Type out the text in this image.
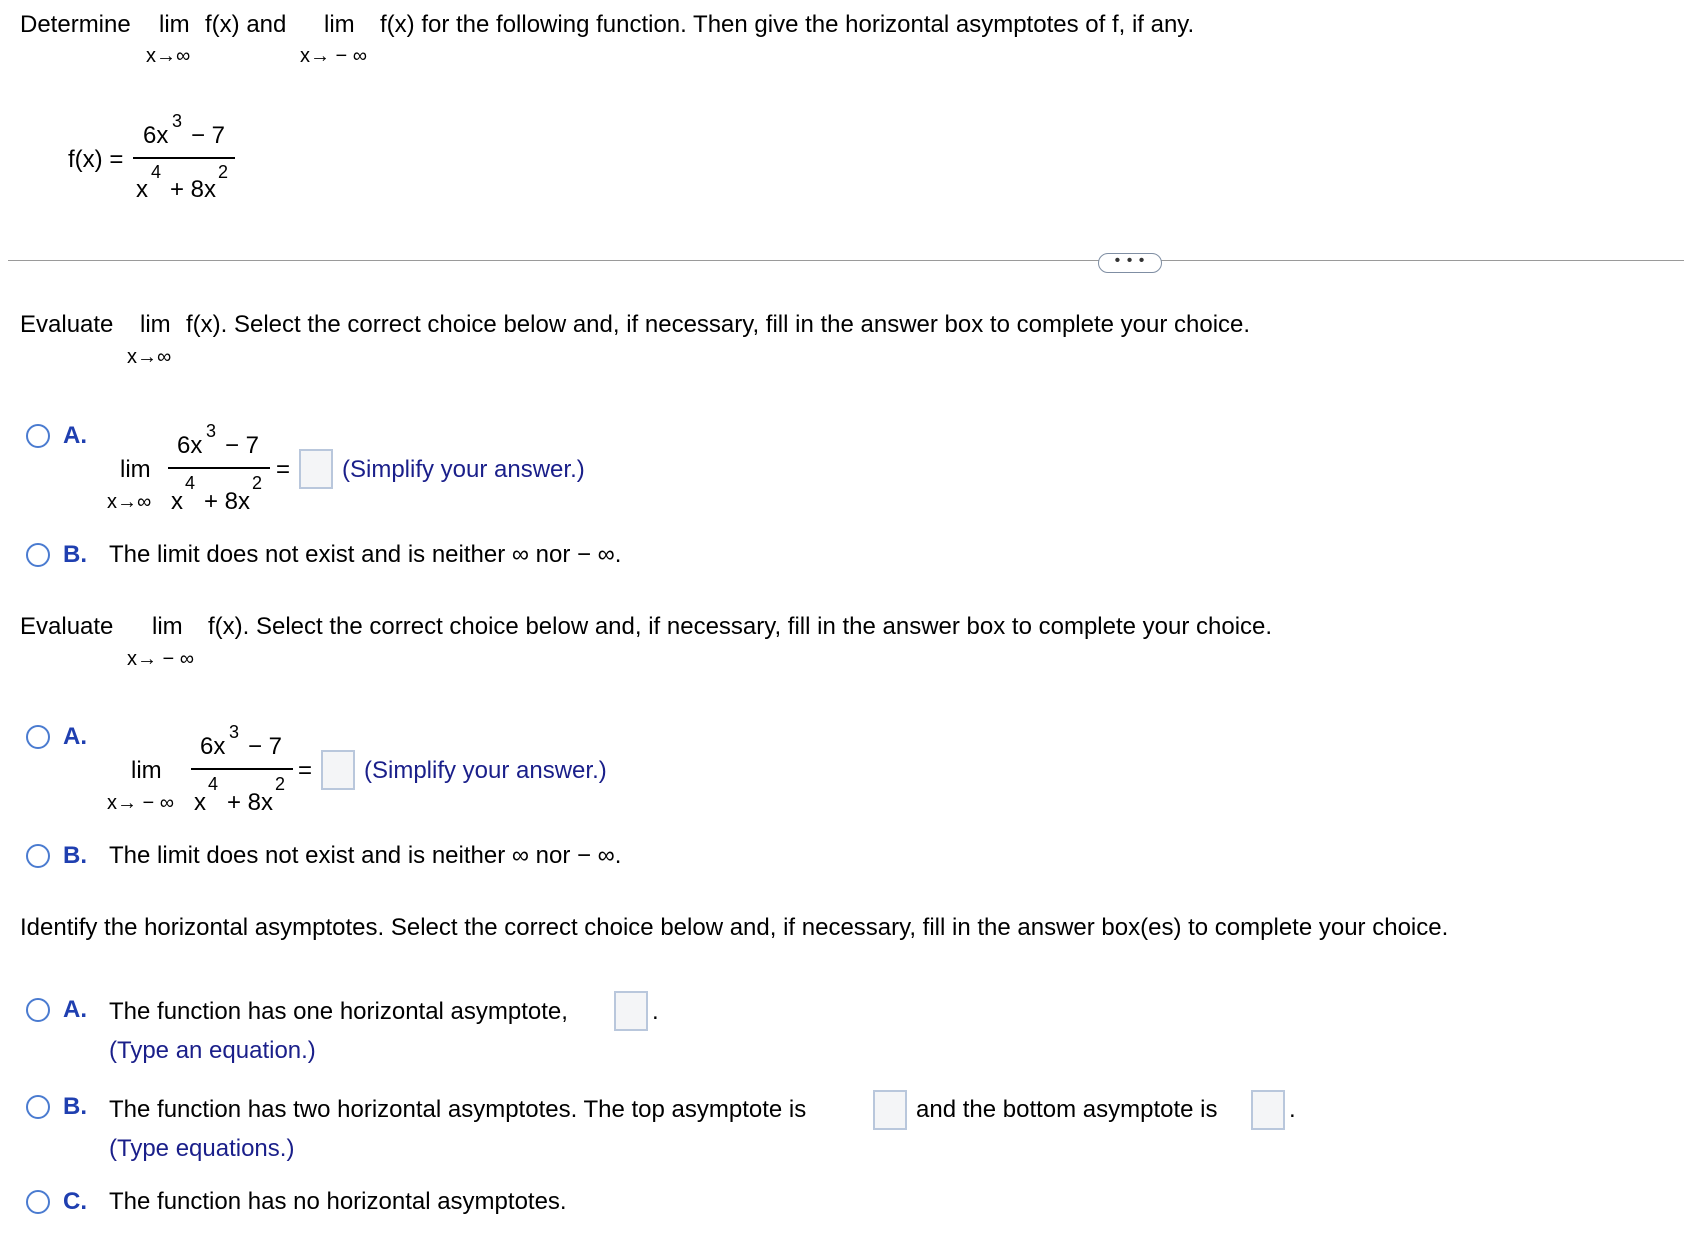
Determine lim f(x) and
x→∞
lim f(x) for the following function. Then give the horizontal asymptotes of f, if any.
x→ − ∞
f(x) =
6x
3
− 7
x
4
+ 8x
2
• • •
Evaluate lim f(x). Select the correct choice below and, if necessary, fill in the answer box to complete your choice.
x→∞
A.
lim
x→∞
6x
3
− 7
x
4
+ 8x
2 = (Simplify your answer.)
B. The limit does not exist and is neither ∞ nor − ∞.
Evaluate lim f(x). Select the correct choice below and, if necessary, fill in the answer box to complete your choice.
x→ − ∞
A.
lim
x→ − ∞
6x
3
− 7
x
4
+ 8x
2 = (Simplify your answer.)
B. The limit does not exist and is neither ∞ nor − ∞.
Identify the horizontal asymptotes. Select the correct choice below and, if necessary, fill in the answer box(es) to complete your choice.
A. The function has one horizontal asymptote,	.
(Type an equation.)
B. The function has two horizontal asymptotes. The top asymptote is	and the bottom asymptote is	.
(Type equations.)
C. The function has no horizontal asymptotes.
